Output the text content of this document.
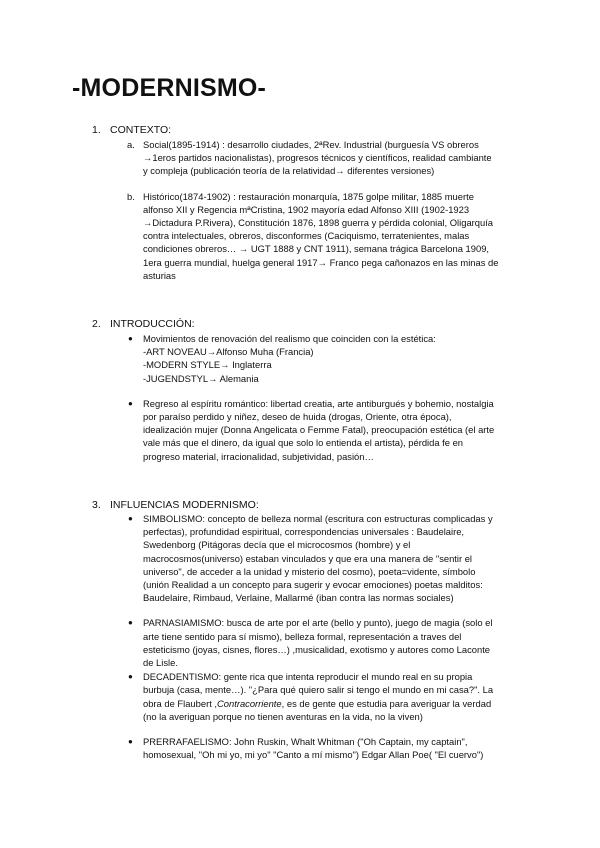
-MODERNISMO-
1. CONTEXTO:
a. Social(1895-1914) : desarrollo ciudades, 2ªRev. Industrial (burguesía VS obreros
→1eros partidos nacionalistas), progresos técnicos y científicos, realidad cambiante
y compleja (publicación teoría de la relatividad→ diferentes versiones)
b. Histórico(1874-1902) : restauración monarquía, 1875 golpe militar, 1885 muerte
alfonso XII y Regencia mªCristina, 1902 mayoría edad Alfonso XIII (1902-1923
→Dictadura P.Rivera), Constitución 1876, 1898 guerra y pérdida colonial, Oligarquía
contra intelectuales, obreros, disconformes (Caciquismo, terratenientes, malas
condiciones obreros… → UGT 1888 y CNT 1911), semana trágica Barcelona 1909,
1era guerra mundial, huelga general 1917→ Franco pega cañonazos en las minas de
asturias
2. INTRODUCCIÓN:
● Movimientos de renovación del realismo que coinciden con la estética:
-ART NOVEAU→Alfonso Muha (Francia)
-MODERN STYLE→ Inglaterra
-JUGENDSTYL→ Alemania
● Regreso al espíritu romántico: libertad creatia, arte antiburgués y bohemio, nostalgia
por paraíso perdido y niñez, deseo de huida (drogas, Oriente, otra época),
idealización mujer (Donna Angelicata o Femme Fatal), preocupación estética (el arte
vale más que el dinero, da igual que solo lo entienda el artista), pérdida fe en
progreso material, irracionalidad, subjetividad, pasión…
3. INFLUENCIAS MODERNISMO:
● SIMBOLISMO: concepto de belleza normal (escritura con estructuras complicadas y
perfectas), profundidad espiritual, correspondencias universales : Baudelaire,
Swedenborg (Pitágoras decía que el microcosmos (hombre) y el
macrocosmos(universo) estaban vinculados y que era una manera de "sentir el
universo", de acceder a la unidad y misterio del cosmo), poeta=vidente, símbolo
(unión Realidad a un concepto para sugerir y evocar emociones) poetas malditos:
Baudelaire, Rimbaud, Verlaine, Mallarmé (iban contra las normas sociales)
● PARNASIAMISMO: busca de arte por el arte (bello y punto), juego de magia (solo el
arte tiene sentido para sí mismo), belleza formal, representación a traves del
esteticismo (joyas, cisnes, flores…) ,musicalidad, exotismo y autores como Laconte
de Lisle.
● DECADENTISMO: gente rica que intenta reproducir el mundo real en su propia
burbuja (casa, mente…). "¿Para qué quiero salir si tengo el mundo en mi casa?". La
obra de Flaubert ,Contracorriente, es de gente que estudia para averiguar la verdad
(no la averiguan porque no tienen aventuras en la vida, no la viven)
● PRERRAFAELISMO: John Ruskin, Whalt Whitman ("Oh Captain, my captain",
homosexual, "Oh mi yo, mi yo" "Canto a mí mismo") Edgar Allan Poe( "El cuervo")
